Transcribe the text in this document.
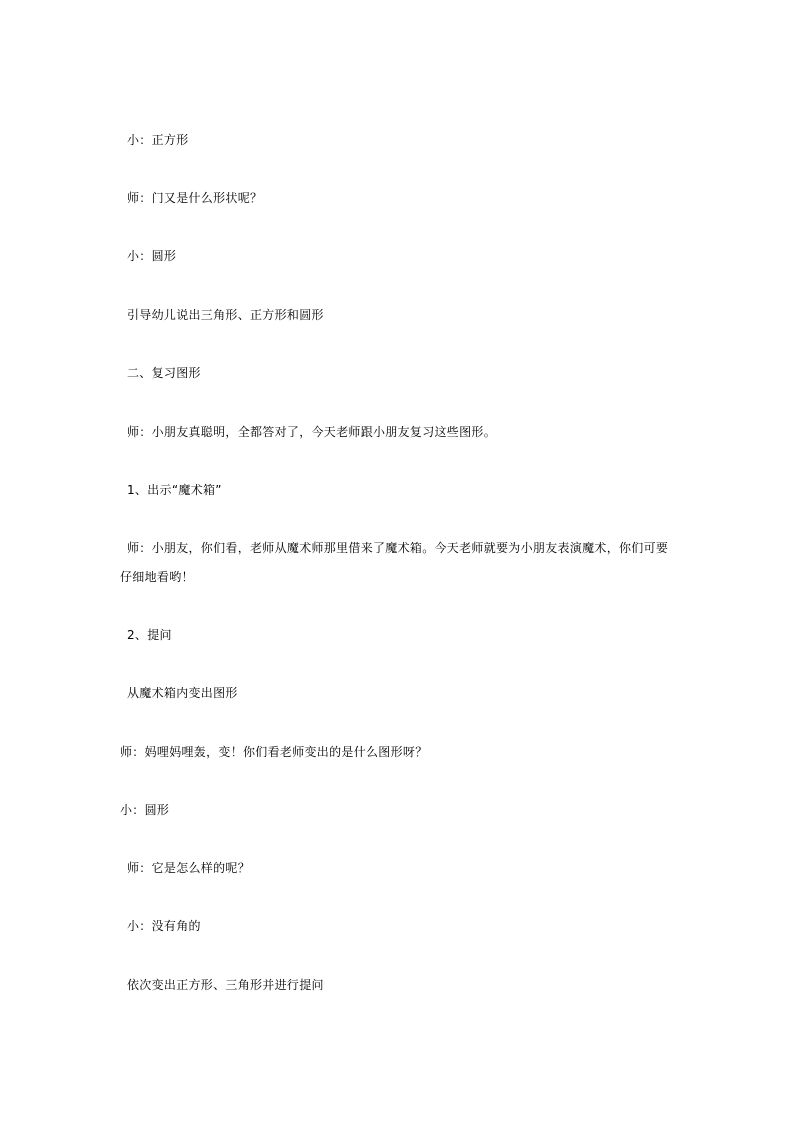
小：正方形
师：门又是什么形状呢？
小：圆形
引导幼儿说出三角形、正方形和圆形
二、复习图形
师：小朋友真聪明，全都答对了，今天老师跟小朋友复习这些图形。
1、出示“魔术箱”
师：小朋友，你们看，老师从魔术师那里借来了魔术箱。今天老师就要为小朋友表演魔术，你们可要仔细地看哟！
2、提问
从魔术箱内变出图形
师：妈哩妈哩轰，变！你们看老师变出的是什么图形呀？
小：圆形
师：它是怎么样的呢？
小：没有角的
依次变出正方形、三角形并进行提问
